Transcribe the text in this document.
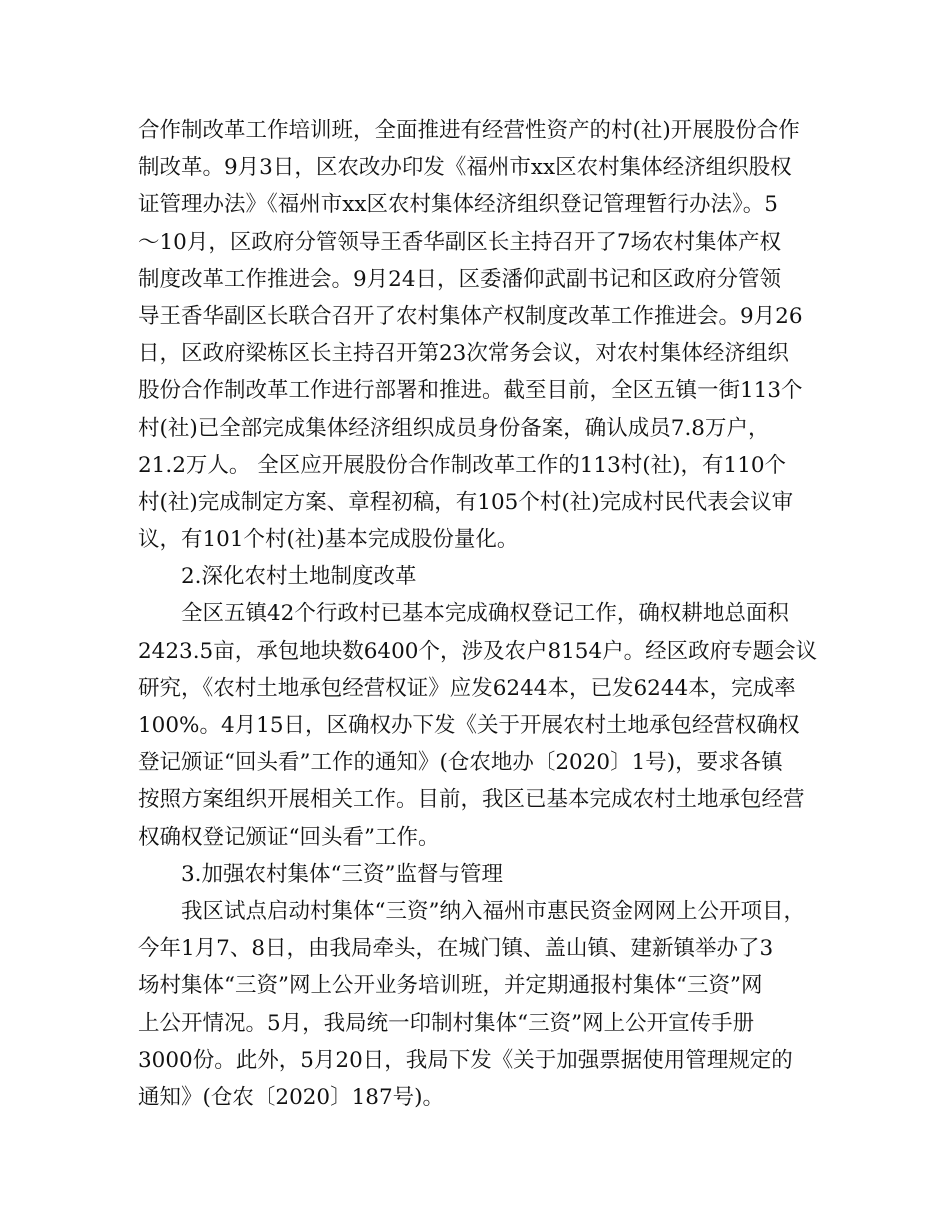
合作制改革工作培训班，全面推进有经营性资产的村(社)开展股份合作
制改革。9月3日，区农改办印发《福州市xx区农村集体经济组织股权
证管理办法》《福州市xx区农村集体经济组织登记管理暂行办法》。5
～10月，区政府分管领导王香华副区长主持召开了7场农村集体产权
制度改革工作推进会。9月24日，区委潘仰武副书记和区政府分管领
导王香华副区长联合召开了农村集体产权制度改革工作推进会。9月26
日，区政府梁栋区长主持召开第23次常务会议，对农村集体经济组织
股份合作制改革工作进行部署和推进。截至目前，全区五镇一街113个
村(社)已全部完成集体经济组织成员身份备案，确认成员7.8万户，
21.2万人。 全区应开展股份合作制改革工作的113村(社)，有110个
村(社)完成制定方案、章程初稿，有105个村(社)完成村民代表会议审
议，有101个村(社)基本完成股份量化。
2.深化农村土地制度改革
全区五镇42个行政村已基本完成确权登记工作，确权耕地总面积
2423.5亩，承包地块数6400个，涉及农户8154户。经区政府专题会议
研究，《农村土地承包经营权证》应发6244本，已发6244本，完成率
100%。4月15日，区确权办下发《关于开展农村土地承包经营权确权
登记颁证“回头看”工作的通知》(仓农地办〔2020〕1号)，要求各镇
按照方案组织开展相关工作。目前，我区已基本完成农村土地承包经营
权确权登记颁证“回头看”工作。
3.加强农村集体“三资”监督与管理
我区试点启动村集体“三资”纳入福州市惠民资金网网上公开项目，
今年1月7、8日，由我局牵头，在城门镇、盖山镇、建新镇举办了3
场村集体“三资”网上公开业务培训班，并定期通报村集体“三资”网
上公开情况。5月，我局统一印制村集体“三资”网上公开宣传手册
3000份。此外，5月20日，我局下发《关于加强票据使用管理规定的
通知》(仓农〔2020〕187号)。
